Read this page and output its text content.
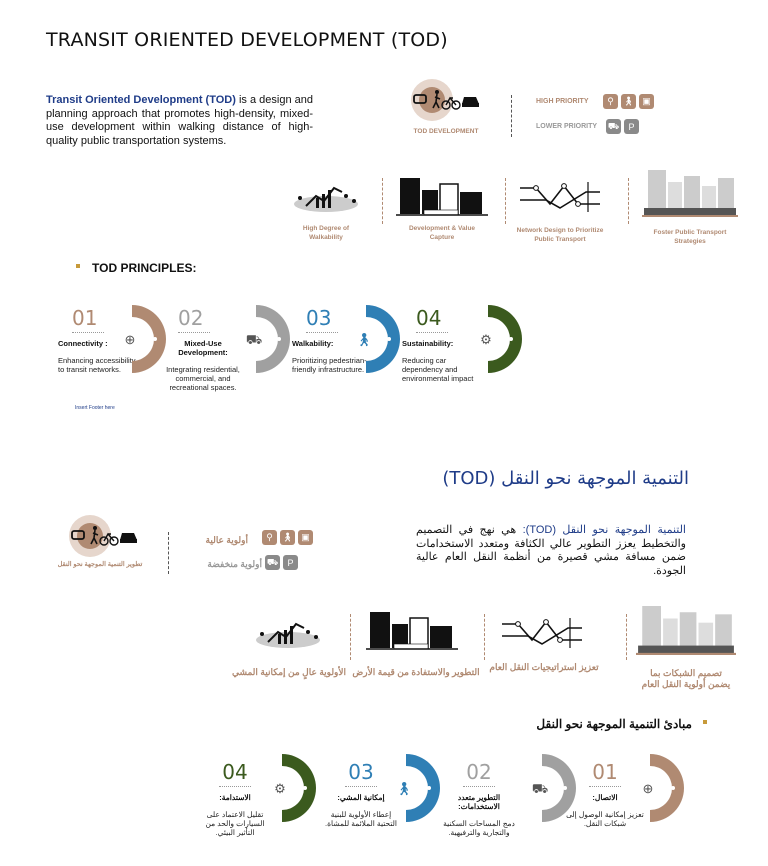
TRANSIT ORIENTED DEVELOPMENT (TOD)
Transit Oriented Development (TOD) is a design and planning approach that promotes high-density, mixed-use development within walking distance of high-quality public transportation systems.
TOD DEVELOPMENT
HIGH PRIORITY	⚲ 🚶︎ ▣
LOWER PRIORITY ⛟	P
High Degree of Walkability
Development & Value Capture
Network Design to Prioritize Public Transport
Foster Public Transport Strategies
TOD PRINCIPLES:
01
Connectivity :
Enhancing accessibility to transit networks.
⊕
02
Mixed-Use Development:
Integrating residential, commercial, and recreational spaces.
⛟
03
Walkability:
Prioritizing pedestrian-friendly infrastructure.
🚶︎
04
Sustainability:
Reducing car dependency and environmental impact
⚙
Insert Footer here
التنمية الموجهة نحو النقل (TOD)
التنمية الموجهة نحو النقل (TOD): هي نهج في التصميم والتخطيط يعزز التطوير عالي الكثافة ومتعدد الاستخدامات ضمن مسافة مشي قصيرة من أنظمة النقل العام عالية الجودة.
تطوير التنمية الموجهة نحو النقل
⚲ 🚶︎ ▣
أولوية عالية
⛟	P
أولوية منخفضة
الأولوية عالٍ من إمكانية المشي التطوير والاستفادة من قيمة الأرض	تعزيز استراتيجيات النقل العام
تصميم الشبكات بما يضمن أولوية النقل العام
مبادئ التنمية الموجهة نحو النقل
01
الاتصال:
تعزيز إمكانية الوصول إلى شبكات النقل.
⊕
02
التطوير متعدد الاستخدامات:
دمج المساحات السكنية والتجارية والترفيهية.
⛟
03
إمكانية المشي:
إعطاء الأولوية للبنية التحتية الملائمة للمشاة.
🚶︎
04
الاستدامة:
تقليل الاعتماد على السيارات والحد من التأثير البيئي.
⚙
